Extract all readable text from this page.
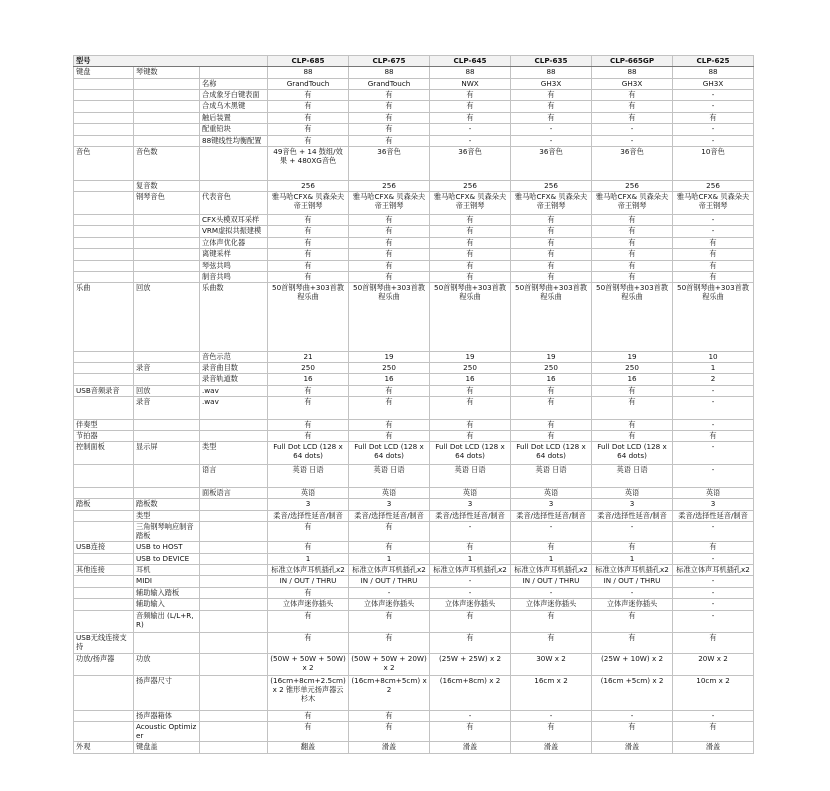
型号			CLP-685	CLP-675	CLP-645	CLP-635	CLP-665GP	CLP-625
键盘	琴键数		88	88	88	88	88	88
		名称	GrandTouch	GrandTouch	NWX	GH3X	GH3X	GH3X
		合成象牙白键表面	有	有	有	有	有	-
		合成乌木黑键	有	有	有	有	有	-
		触后装置	有	有	有	有	有	有
		配重铅块	有	有	-	-	-	-
		88键线性均衡配置	有	有	-	-	-	-
音色	音色数		49音色 + 14 鼓组/效果 + 480XG音色	36音色	36音色	36音色	36音色	10音色
	复音数		256	256	256	256	256	256
	钢琴音色	代表音色	雅马哈CFX& 贝森朵夫帝王钢琴	雅马哈CFX& 贝森朵夫帝王钢琴	雅马哈CFX& 贝森朵夫帝王钢琴	雅马哈CFX& 贝森朵夫帝王钢琴	雅马哈CFX& 贝森朵夫帝王钢琴	雅马哈CFX& 贝森朵夫帝王钢琴
		CFX头模双耳采样	有	有	有	有	有	-
		VRM虚拟共振建模	有	有	有	有	有	-
		立体声优化器	有	有	有	有	有	有
		离键采样	有	有	有	有	有	有
		琴弦共鸣	有	有	有	有	有	有
		制音共鸣	有	有	有	有	有	有
乐曲	回放	乐曲数	50首钢琴曲+303首教程乐曲	50首钢琴曲+303首教程乐曲	50首钢琴曲+303首教程乐曲	50首钢琴曲+303首教程乐曲	50首钢琴曲+303首教程乐曲	50首钢琴曲+303首教程乐曲
		音色示范	21	19	19	19	19	10
	录音	录音曲目数	250	250	250	250	250	1
		录音轨道数	16	16	16	16	16	2
USB音频录音	回放	.wav	有	有	有	有	有	-
	录音	.wav	有	有	有	有	有	-
伴奏型			有	有	有	有	有	-
节拍器			有	有	有	有	有	有
控制面板	显示屏	类型	Full Dot LCD (128 x 64 dots)	Full Dot LCD (128 x 64 dots)	Full Dot LCD (128 x 64 dots)	Full Dot LCD (128 x 64 dots)	Full Dot LCD (128 x 64 dots)	-
		语言	英语 日语	英语 日语	英语 日语	英语 日语	英语 日语	-
		面板语言	英语	英语	英语	英语	英语	英语
踏板	踏板数		3	3	3	3	3	3
	类型		柔音/选择性延音/制音	柔音/选择性延音/制音	柔音/选择性延音/制音	柔音/选择性延音/制音	柔音/选择性延音/制音	柔音/选择性延音/制音
	三角钢琴响应制音踏板		有	有	-	-	-	-
USB连接	USB to HOST		有	有	有	有	有	有
	USB to DEVICE		1	1	1	1	1	-
其他连接	耳机		标准立体声耳机插孔x2	标准立体声耳机插孔x2	标准立体声耳机插孔x2	标准立体声耳机插孔x2	标准立体声耳机插孔x2	标准立体声耳机插孔x2
	MIDI		IN / OUT / THRU	IN / OUT / THRU	-	IN / OUT / THRU	IN / OUT / THRU	-
	辅助输入踏板		有	-	-	-	-	-
	辅助输入		立体声迷你插头	立体声迷你插头	立体声迷你插头	立体声迷你插头	立体声迷你插头	-
	音频输出 (L/L+R, R)		有	有	有	有	有	-
USB无线连接支持			有	有	有	有	有	有
功放/扬声器	功放		(50W + 50W + 50W) x 2	(50W + 50W + 20W) x 2	(25W + 25W) x 2	30W x 2	(25W + 10W) x 2	20W x 2
	扬声器尺寸		(16cm+8cm+2.5cm) x 2 锥形单元扬声器云杉木	(16cm+8cm+5cm) x 2	(16cm+8cm) x 2	16cm x 2	(16cm +5cm) x 2	10cm x 2
	扬声器箱体		有	有	-	-	-	-
	Acoustic Optimizer		有	有	有	有	有	有
外观	键盘盖		翻盖	滑盖	滑盖	滑盖	滑盖	滑盖
